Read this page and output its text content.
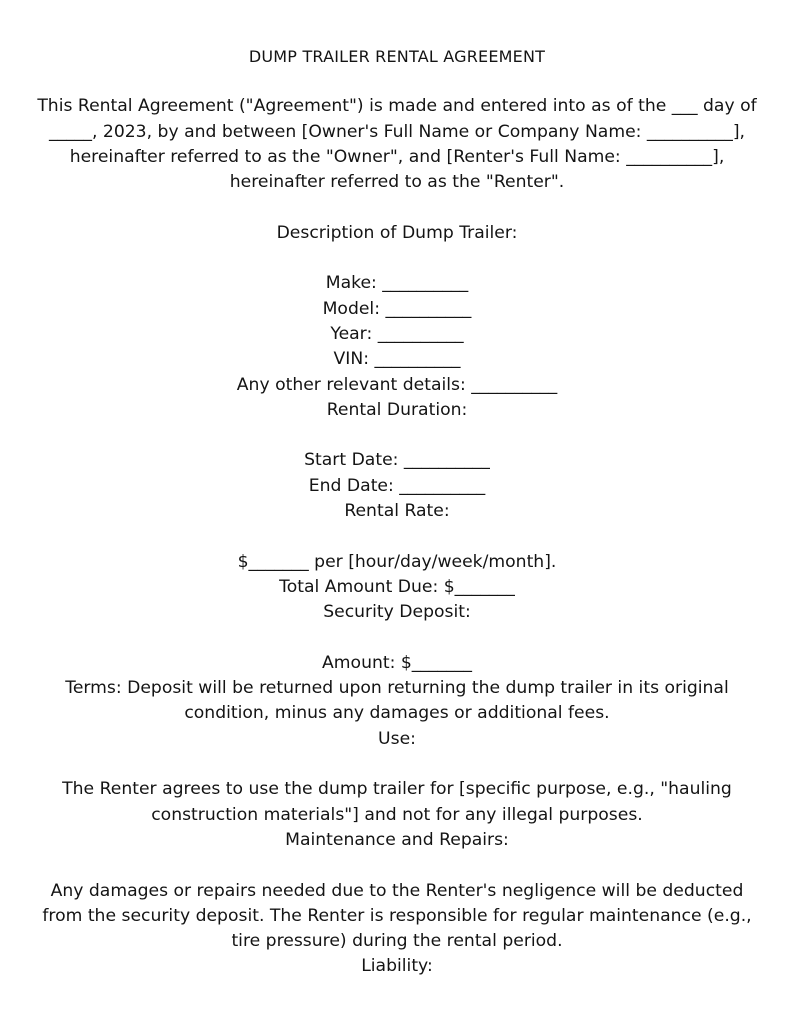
DUMP TRAILER RENTAL AGREEMENT
This Rental Agreement ("Agreement") is made and entered into as of the ___ day of
_____, 2023, by and between [Owner's Full Name or Company Name: __________],
hereinafter referred to as the "Owner", and [Renter's Full Name: __________],
hereinafter referred to as the "Renter".
Description of Dump Trailer:
Make: __________
Model: __________
Year: __________
VIN: __________
Any other relevant details: __________
Rental Duration:
Start Date: __________
End Date: __________
Rental Rate:
$_______ per [hour/day/week/month].
Total Amount Due: $_______
Security Deposit:
Amount: $_______
Terms: Deposit will be returned upon returning the dump trailer in its original
condition, minus any damages or additional fees.
Use:
The Renter agrees to use the dump trailer for [specific purpose, e.g., "hauling
construction materials"] and not for any illegal purposes.
Maintenance and Repairs:
Any damages or repairs needed due to the Renter's negligence will be deducted
from the security deposit. The Renter is responsible for regular maintenance (e.g.,
tire pressure) during the rental period.
Liability:
